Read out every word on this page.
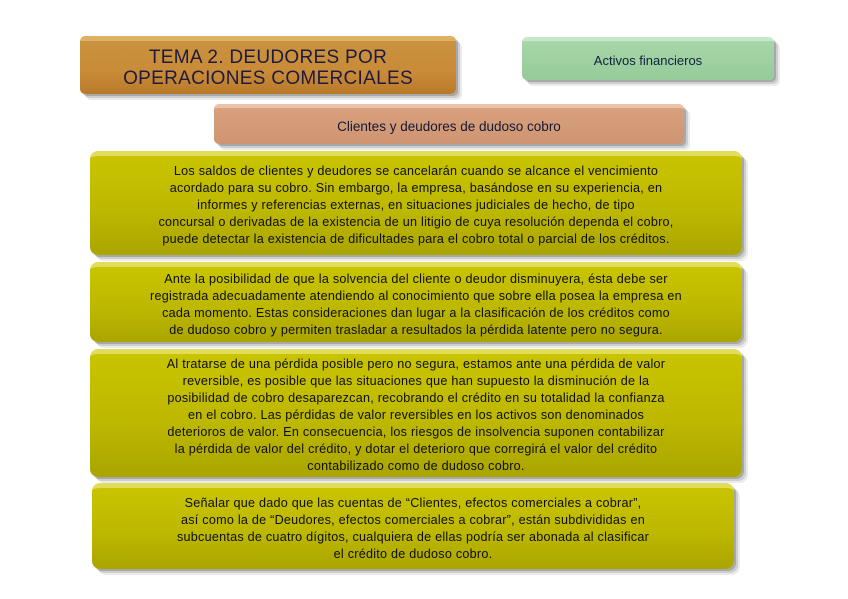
TEMA 2. DEUDORES POR
OPERACIONES COMERCIALES
Activos financieros
Clientes y deudores de dudoso cobro
Los saldos de clientes y deudores se cancelarán cuando se alcance el vencimiento
acordado para su cobro. Sin embargo, la empresa, basándose en su experiencia, en
informes y referencias externas, en situaciones judiciales de hecho, de tipo
concursal o derivadas de la existencia de un litigio de cuya resolución dependa el cobro,
puede detectar la existencia de dificultades para el cobro total o parcial de los créditos.
Ante la posibilidad de que la solvencia del cliente o deudor disminuyera, ésta debe ser
registrada adecuadamente atendiendo al conocimiento que sobre ella posea la empresa en
cada momento. Estas consideraciones dan lugar a la clasificación de los créditos como
de dudoso cobro y permiten trasladar a resultados la pérdida latente pero no segura.
Al tratarse de una pérdida posible pero no segura, estamos ante una pérdida de valor
reversible, es posible que las situaciones que han supuesto la disminución de la
posibilidad de cobro desaparezcan, recobrando el crédito en su totalidad la confianza
en el cobro. Las pérdidas de valor reversibles en los activos son denominados
deterioros de valor. En consecuencia, los riesgos de insolvencia suponen contabilizar
la pérdida de valor del crédito, y dotar el deterioro que corregirá el valor del crédito
contabilizado como de dudoso cobro.
Señalar que dado que las cuentas de “Clientes, efectos comerciales a cobrar”,
así como la de “Deudores, efectos comerciales a cobrar”, están subdivididas en
subcuentas de cuatro dígitos, cualquiera de ellas podría ser abonada al clasificar
el crédito de dudoso cobro.
